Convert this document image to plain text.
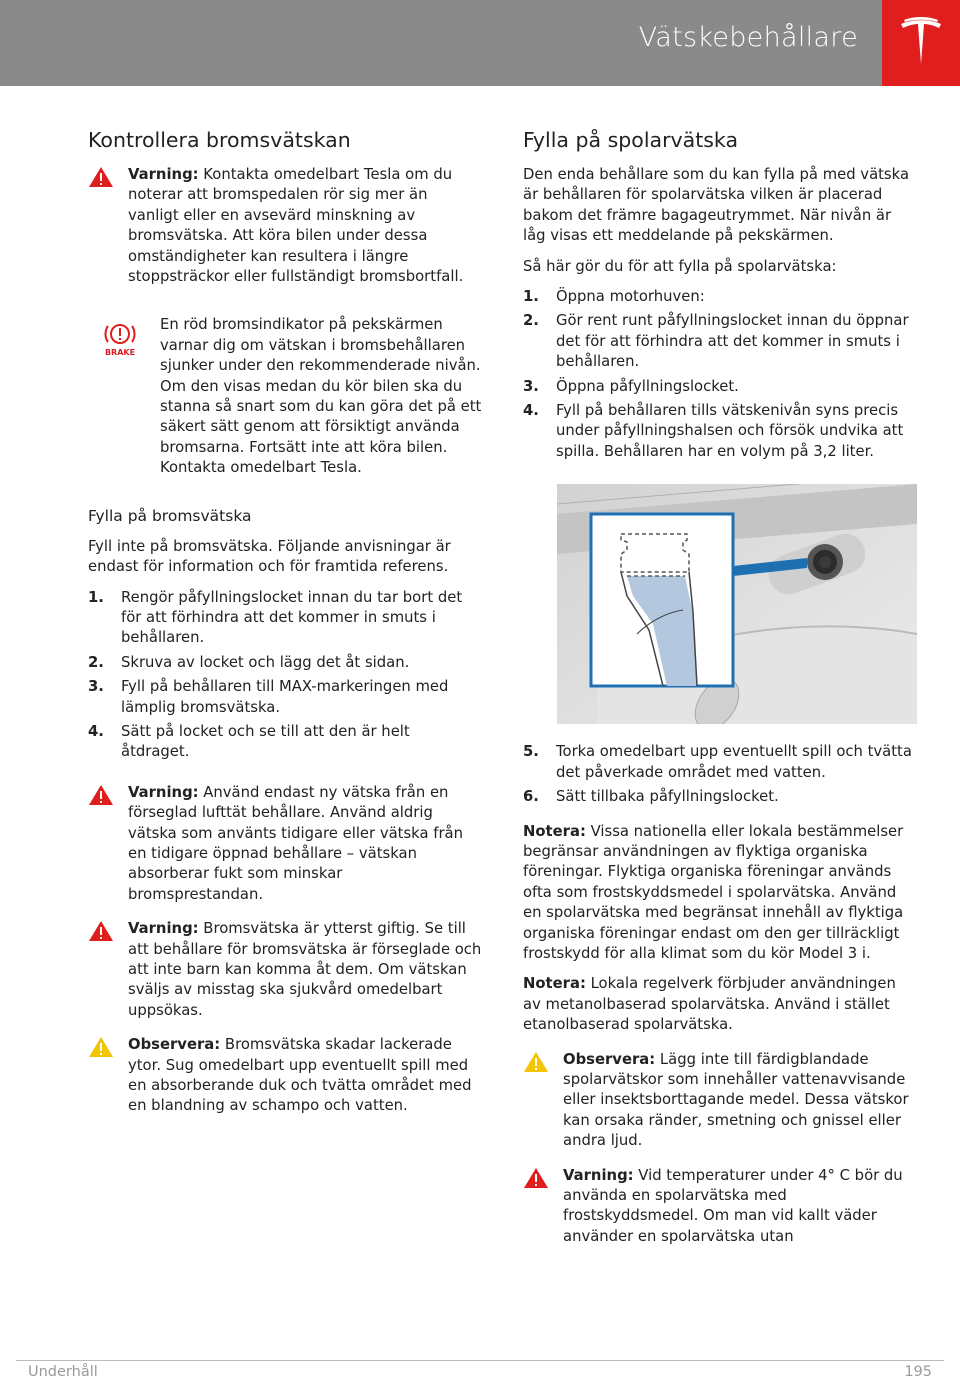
Vätskebehållare
Kontrollera bromsvätskan
Varning: Kontakta omedelbart Tesla om du noterar att bromspedalen rör sig mer än vanligt eller en avsevärd minskning av bromsvätska. Att köra bilen under dessa omständigheter kan resultera i längre stoppsträckor eller fullständigt bromsbortfall.
BRAKE
En röd bromsindikator på pekskärmen varnar dig om vätskan i bromsbehållaren sjunker under den rekommenderade nivån. Om den visas medan du kör bilen ska du stanna så snart som du kan göra det på ett säkert sätt genom att försiktigt använda bromsarna. Fortsätt inte att köra bilen. Kontakta omedelbart Tesla.
Fylla på bromsvätska

Fyll inte på bromsvätska. Följande anvisningar är endast för information och för framtida referens.

1. Rengör påfyllningslocket innan du tar bort det för att förhindra att det kommer in smuts i behållaren.
2. Skruva av locket och lägg det åt sidan.
3. Fyll på behållaren till MAX-markeringen med lämplig bromsvätska.
4. Sätt på locket och se till att den är helt åtdraget.
Varning: Använd endast ny vätska från en förseglad lufttät behållare. Använd aldrig vätska som använts tidigare eller vätska från en tidigare öppnad behållare – vätskan absorberar fukt som minskar bromsprestandan.
Varning: Bromsvätska är ytterst giftig. Se till att behållare för bromsvätska är förseglade och att inte barn kan komma åt dem. Om vätskan sväljs av misstag ska sjukvård omedelbart uppsökas.
Observera: Bromsvätska skadar lackerade ytor. Sug omedelbart upp eventuellt spill med en absorberande duk och tvätta området med en blandning av schampo och vatten.
Fylla på spolarvätska

Den enda behållare som du kan fylla på med vätska är behållaren för spolarvätska vilken är placerad bakom det främre bagageutrymmet. När nivån är låg visas ett meddelande på pekskärmen.

Så här gör du för att fylla på spolarvätska:

1. Öppna motorhuven:
2. Gör rent runt påfyllningslocket innan du öppnar det för att förhindra att det kommer in smuts i behållaren.
3. Öppna påfyllningslocket.
4. Fyll på behållaren tills vätskenivån syns precis under påfyllningshalsen och försök undvika att spilla. Behållaren har en volym på 3,2 liter.
5. Torka omedelbart upp eventuellt spill och tvätta det påverkade området med vatten.
6. Sätt tillbaka påfyllningslocket.

Notera: Vissa nationella eller lokala bestämmelser begränsar användningen av flyktiga organiska föreningar. Flyktiga organiska föreningar används ofta som frostskyddsmedel i spolarvätska. Använd en spolarvätska med begränsat innehåll av flyktiga organiska föreningar endast om den ger tillräckligt frostskydd för alla klimat som du kör Model 3 i.

Notera: Lokala regelverk förbjuder användningen av metanolbaserad spolarvätska. Använd i stället etanolbaserad spolarvätska.

Observera: Lägg inte till färdigblandade spolarvätskor som innehåller vattenavvisande eller insektsborttagande medel. Dessa vätskor kan orsaka ränder, smetning och gnissel eller andra ljud.
Varning: Vid temperaturer under 4° C bör du använda en spolarvätska med frostskyddsmedel. Om man vid kallt väder använder en spolarvätska utan
Underhåll	195
